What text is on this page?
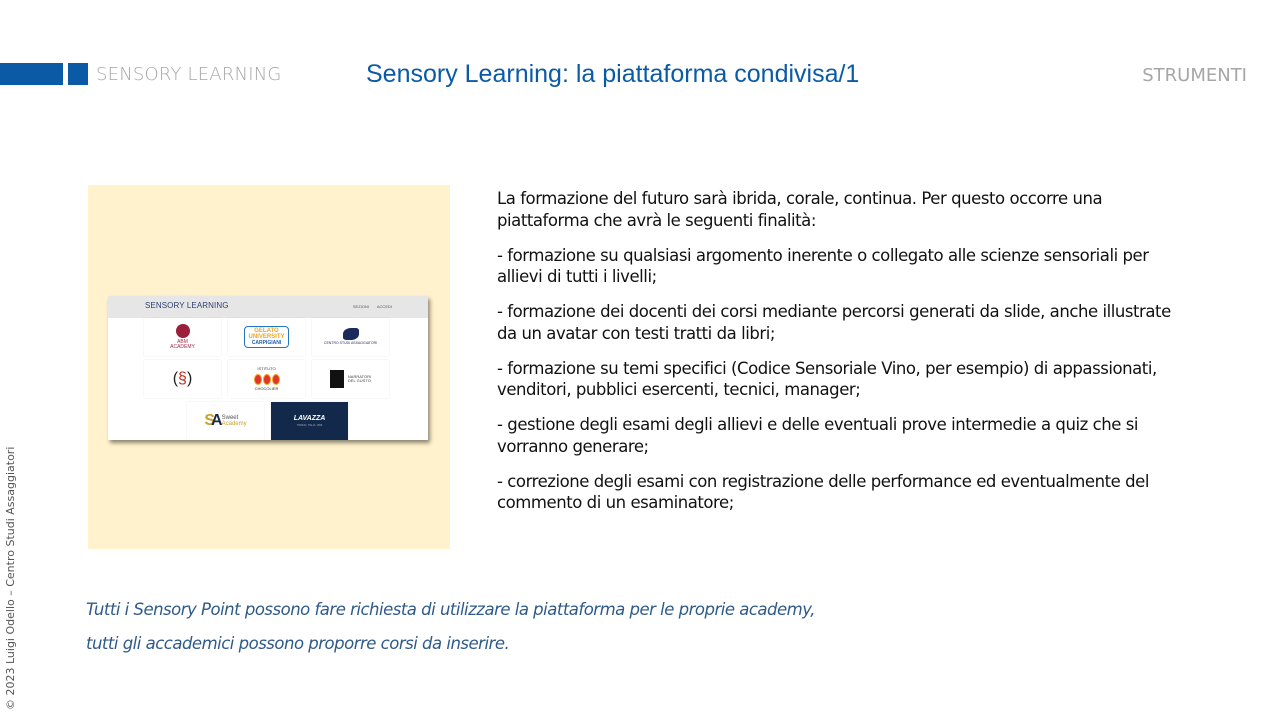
SENSORY LEARNING	Sensory Learning: la piattaforma condivisa/1	STRUMENTI
© 2023 Luigi Odello – Centro Studi Assaggiatori
SENSORY LEARNING	SEZIONI ACCEDI
ABM
ACADEMY
GELATO
UNIVERSITY
CARPIGIANI	CENTRO STUDI ASSAGGIATORI
(§)
ISTITUTO
CHOCOLIER
NARRATORI
DEL GUSTO
SA Sweet
Academy
LAVAZZA
TORINO, ITALIA, 1895

La formazione del futuro sarà ibrida, corale, continua. Per questo occorre una piattaforma che avrà le seguenti finalità:

- formazione su qualsiasi argomento inerente o collegato alle scienze sensoriali per allievi di tutti i livelli;

- formazione dei docenti dei corsi mediante percorsi generati da slide, anche illustrate da un avatar con testi tratti da libri;

- formazione su temi specifici (Codice Sensoriale Vino, per esempio) di appassionati, venditori, pubblici esercenti, tecnici, manager;

- gestione degli esami degli allievi e delle eventuali prove intermedie a quiz che si vorranno generare;

- correzione degli esami con registrazione delle performance ed eventualmente del commento di un esaminatore;

Tutti i Sensory Point possono fare richiesta di utilizzare la piattaforma per le proprie academy,
tutti gli accademici possono proporre corsi da inserire.
